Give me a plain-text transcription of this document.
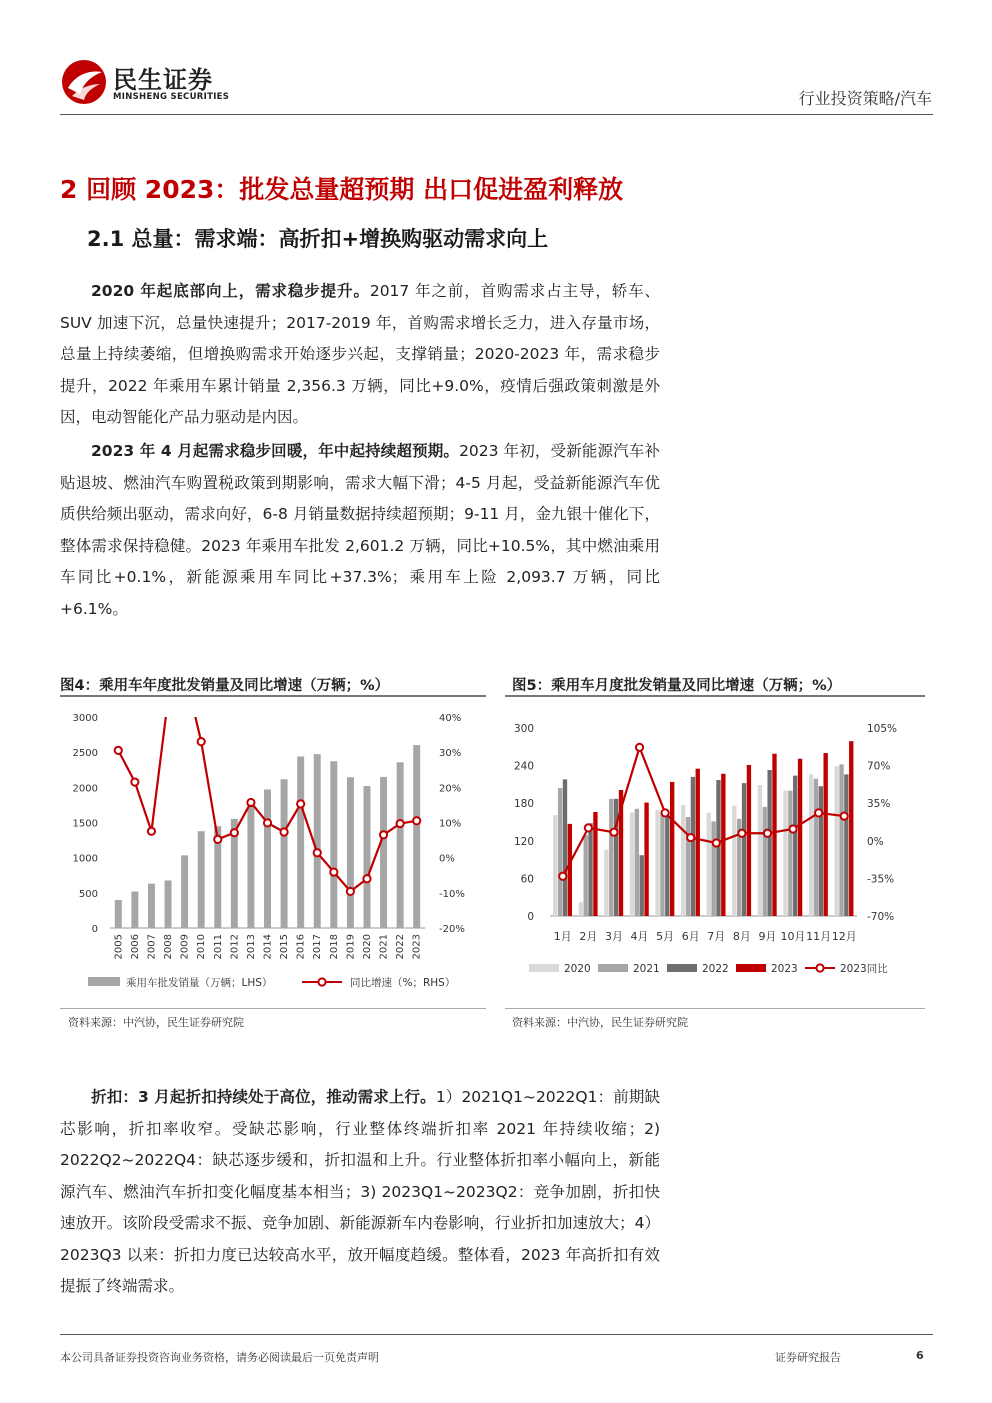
民生证券
MINSHENG SECURITIES	行业投资策略/汽车
2 回顾 2023：批发总量超预期 出口促进盈利释放
2.1 总量：需求端：高折扣+增换购驱动需求向上
2020 年起底部向上，需求稳步提升。2017 年之前，首购需求占主导，轿车、SUV 加速下沉，总量快速提升；2017-2019 年，首购需求增长乏力，进入存量市场，总量上持续萎缩，但增换购需求开始逐步兴起，支撑销量；2020-2023 年，需求稳步提升，2022 年乘用车累计销量 2,356.3 万辆，同比+9.0%，疫情后强政策刺激是外因，电动智能化产品力驱动是内因。
2023 年 4 月起需求稳步回暖，年中起持续超预期。2023 年初，受新能源汽车补贴退坡、燃油汽车购置税政策到期影响，需求大幅下滑；4-5 月起，受益新能源汽车优质供给频出驱动，需求向好，6-8 月销量数据持续超预期；9-11 月，金九银十催化下，整体需求保持稳健。2023 年乘用车批发 2,601.2 万辆，同比+10.5%，其中燃油乘用车同比+0.1%，新能源乘用车同比+37.3%；乘用车上险 2,093.7 万辆，同比+6.1%。
图4：乘用车年度批发销量及同比增速（万辆；%）
0
500
1000
1500
2000
2500
3000
-20%
-10%
0%
10%
20%
30%
40%
2005 2006 2007 2008 2009 2010 2011 2012 2013 2014 2015 2016 2017 2018 2019 2020 2021 2022 2023
乘用车批发销量（万辆；LHS）	同比增速（%；RHS）
资料来源：中汽协，民生证券研究院
图5：乘用车月度批发销量及同比增速（万辆；%）
0
60
120
180
240
300
-70%
-35%
0%
35%
70%
105%
1月 2月 3月 4月 5月 6月 7月 8月 9月 10月 11月 12月
2020	2021	2022	2023	2023同比
资料来源：中汽协，民生证券研究院
折扣：3 月起折扣持续处于高位，推动需求上行。1）2021Q1~2022Q1：前期缺芯影响，折扣率收窄。受缺芯影响，行业整体终端折扣率 2021 年持续收缩；2) 2022Q2~2022Q4：缺芯逐步缓和，折扣温和上升。行业整体折扣率小幅向上，新能源汽车、燃油汽车折扣变化幅度基本相当；3) 2023Q1~2023Q2：竞争加剧，折扣快速放开。该阶段受需求不振、竞争加剧、新能源新车内卷影响，行业折扣加速放大；4）2023Q3 以来：折扣力度已达较高水平，放开幅度趋缓。整体看，2023 年高折扣有效提振了终端需求。
本公司具备证券投资咨询业务资格，请务必阅读最后一页免责声明	证券研究报告	6
